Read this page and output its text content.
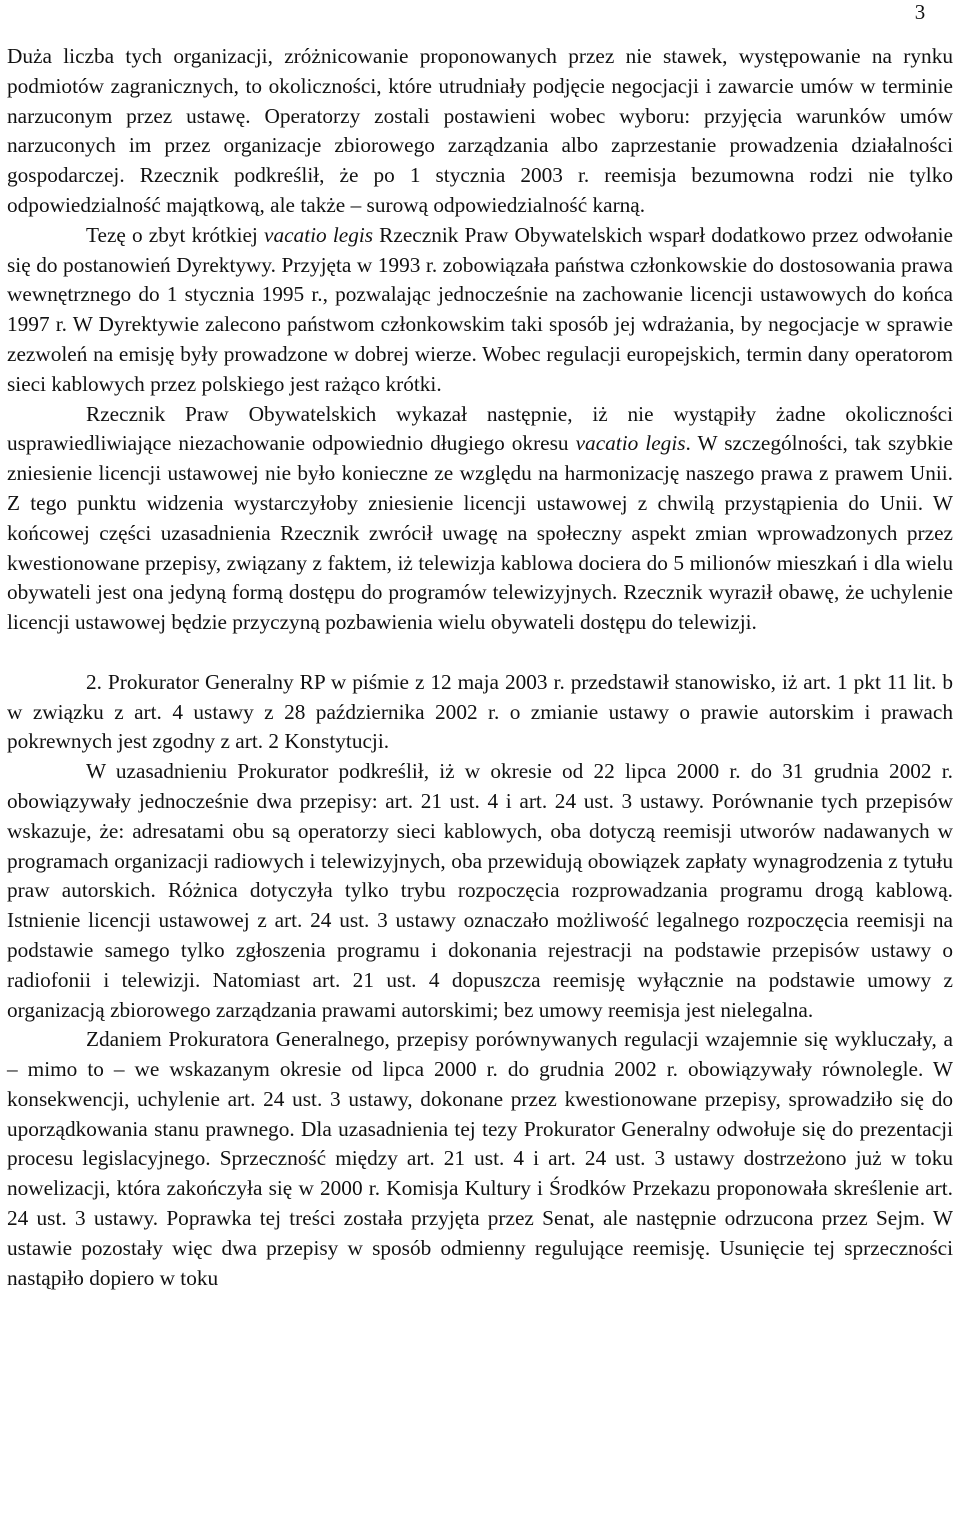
3

Duża liczba tych organizacji, zróżnicowanie proponowanych przez nie stawek, występowanie na rynku podmiotów zagranicznych, to okoliczności, które utrudniały podjęcie negocjacji i zawarcie umów w terminie narzuconym przez ustawę. Operatorzy zostali postawieni wobec wyboru: przyjęcia warunków umów narzuconych im przez organizacje zbiorowego zarządzania albo zaprzestanie prowadzenia działalności gospodarczej. Rzecznik podkreślił, że po 1 stycznia 2003 r. reemisja bezumowna rodzi nie tylko odpowiedzialność majątkową, ale także – surową odpowiedzialność karną.

Tezę o zbyt krótkiej vacatio legis Rzecznik Praw Obywatelskich wsparł dodatkowo przez odwołanie się do postanowień Dyrektywy. Przyjęta w 1993 r. zobowiązała państwa członkowskie do dostosowania prawa wewnętrznego do 1 stycznia 1995 r., pozwalając jednocześnie na zachowanie licencji ustawowych do końca 1997 r. W Dyrektywie zalecono państwom członkowskim taki sposób jej wdrażania, by negocjacje w sprawie zezwoleń na emisję były prowadzone w dobrej wierze. Wobec regulacji europejskich, termin dany operatorom sieci kablowych przez polskiego jest rażąco krótki.

Rzecznik Praw Obywatelskich wykazał następnie, iż nie wystąpiły żadne okoliczności usprawiedliwiające niezachowanie odpowiednio długiego okresu vacatio legis. W szczególności, tak szybkie zniesienie licencji ustawowej nie było konieczne ze względu na harmonizację naszego prawa z prawem Unii. Z tego punktu widzenia wystarczyłoby zniesienie licencji ustawowej z chwilą przystąpienia do Unii. W końcowej części uzasadnienia Rzecznik zwrócił uwagę na społeczny aspekt zmian wprowadzonych przez kwestionowane przepisy, związany z faktem, iż telewizja kablowa dociera do 5 milionów mieszkań i dla wielu obywateli jest ona jedyną formą dostępu do programów telewizyjnych. Rzecznik wyraził obawę, że uchylenie licencji ustawowej będzie przyczyną pozbawienia wielu obywateli dostępu do telewizji.

2. Prokurator Generalny RP w piśmie z 12 maja 2003 r. przedstawił stanowisko, iż art. 1 pkt 11 lit. b w związku z art. 4 ustawy z 28 października 2002 r. o zmianie ustawy o prawie autorskim i prawach pokrewnych jest zgodny z art. 2 Konstytucji.

W uzasadnieniu Prokurator podkreślił, iż w okresie od 22 lipca 2000 r. do 31 grudnia 2002 r. obowiązywały jednocześnie dwa przepisy: art. 21 ust. 4 i art. 24 ust. 3 ustawy. Porównanie tych przepisów wskazuje, że: adresatami obu są operatorzy sieci kablowych, oba dotyczą reemisji utworów nadawanych w programach organizacji radiowych i telewizyjnych, oba przewidują obowiązek zapłaty wynagrodzenia z tytułu praw autorskich. Różnica dotyczyła tylko trybu rozpoczęcia rozprowadzania programu drogą kablową. Istnienie licencji ustawowej z art. 24 ust. 3 ustawy oznaczało możliwość legalnego rozpoczęcia reemisji na podstawie samego tylko zgłoszenia programu i dokonania rejestracji na podstawie przepisów ustawy o radiofonii i telewizji. Natomiast art. 21 ust. 4 dopuszcza reemisję wyłącznie na podstawie umowy z organizacją zbiorowego zarządzania prawami autorskimi; bez umowy reemisja jest nielegalna.

Zdaniem Prokuratora Generalnego, przepisy porównywanych regulacji wzajemnie się wykluczały, a – mimo to – we wskazanym okresie od lipca 2000 r. do grudnia 2002 r. obowiązywały równolegle. W konsekwencji, uchylenie art. 24 ust. 3 ustawy, dokonane przez kwestionowane przepisy, sprowadziło się do uporządkowania stanu prawnego. Dla uzasadnienia tej tezy Prokurator Generalny odwołuje się do prezentacji procesu legislacyjnego. Sprzeczność między art. 21 ust. 4 i art. 24 ust. 3 ustawy dostrzeżono już w toku nowelizacji, która zakończyła się w 2000 r. Komisja Kultury i Środków Przekazu proponowała skreślenie art. 24 ust. 3 ustawy. Poprawka tej treści została przyjęta przez Senat, ale następnie odrzucona przez Sejm. W ustawie pozostały więc dwa przepisy w sposób odmienny regulujące reemisję. Usunięcie tej sprzeczności nastąpiło dopiero w toku
